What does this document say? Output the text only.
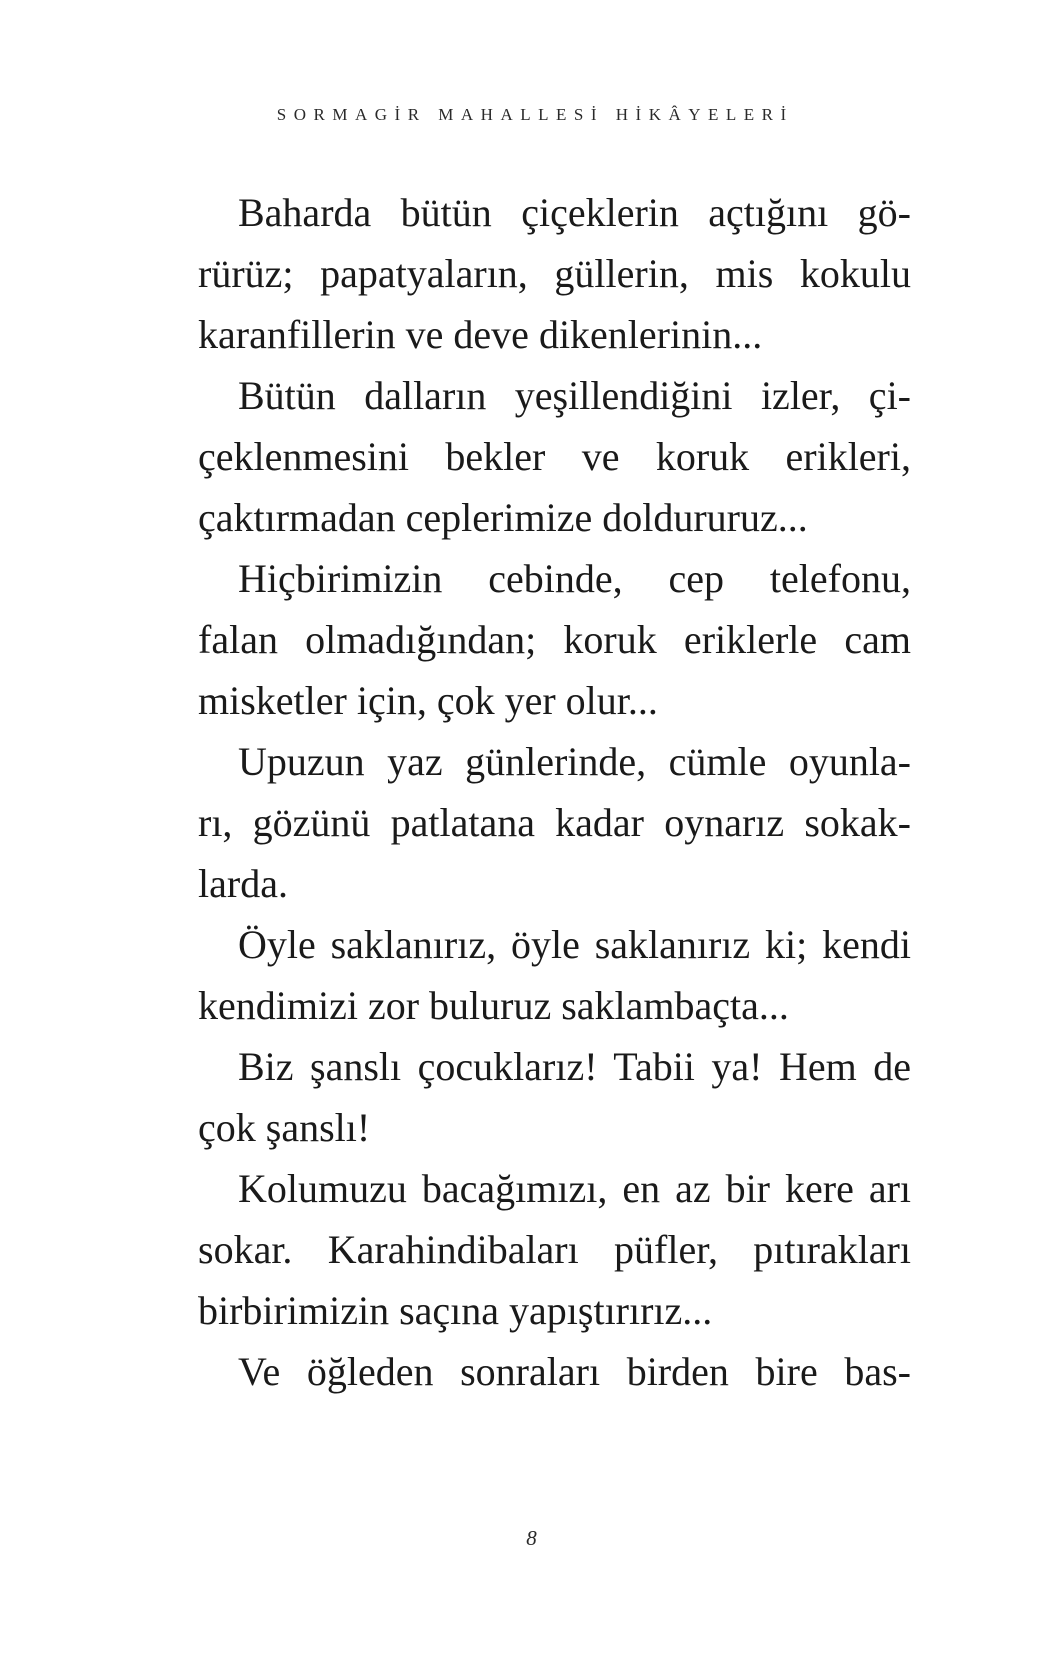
SORMAGİR MAHALLESİ HİKÂYELERİ
Baharda bütün çiçeklerin açtığını gö-
rürüz; papatyaların, güllerin, mis kokulu
karanfillerin ve deve dikenlerinin...
Bütün dalların yeşillendiğini izler, çi-
çeklenmesini bekler ve koruk erikleri,
çaktırmadan ceplerimize doldururuz...
Hiçbirimizin cebinde, cep telefonu,
falan olmadığından; koruk eriklerle cam
misketler için, çok yer olur...
Upuzun yaz günlerinde, cümle oyunla-
rı, gözünü patlatana kadar oynarız sokak-
larda.
Öyle saklanırız, öyle saklanırız ki; kendi
kendimizi zor buluruz saklambaçta...
Biz şanslı çocuklarız! Tabii ya! Hem de
çok şanslı!
Kolumuzu bacağımızı, en az bir kere arı
sokar. Karahindibaları püfler, pıtırakları
birbirimizin saçına yapıştırırız...
Ve öğleden sonraları birden bire bas-
8
